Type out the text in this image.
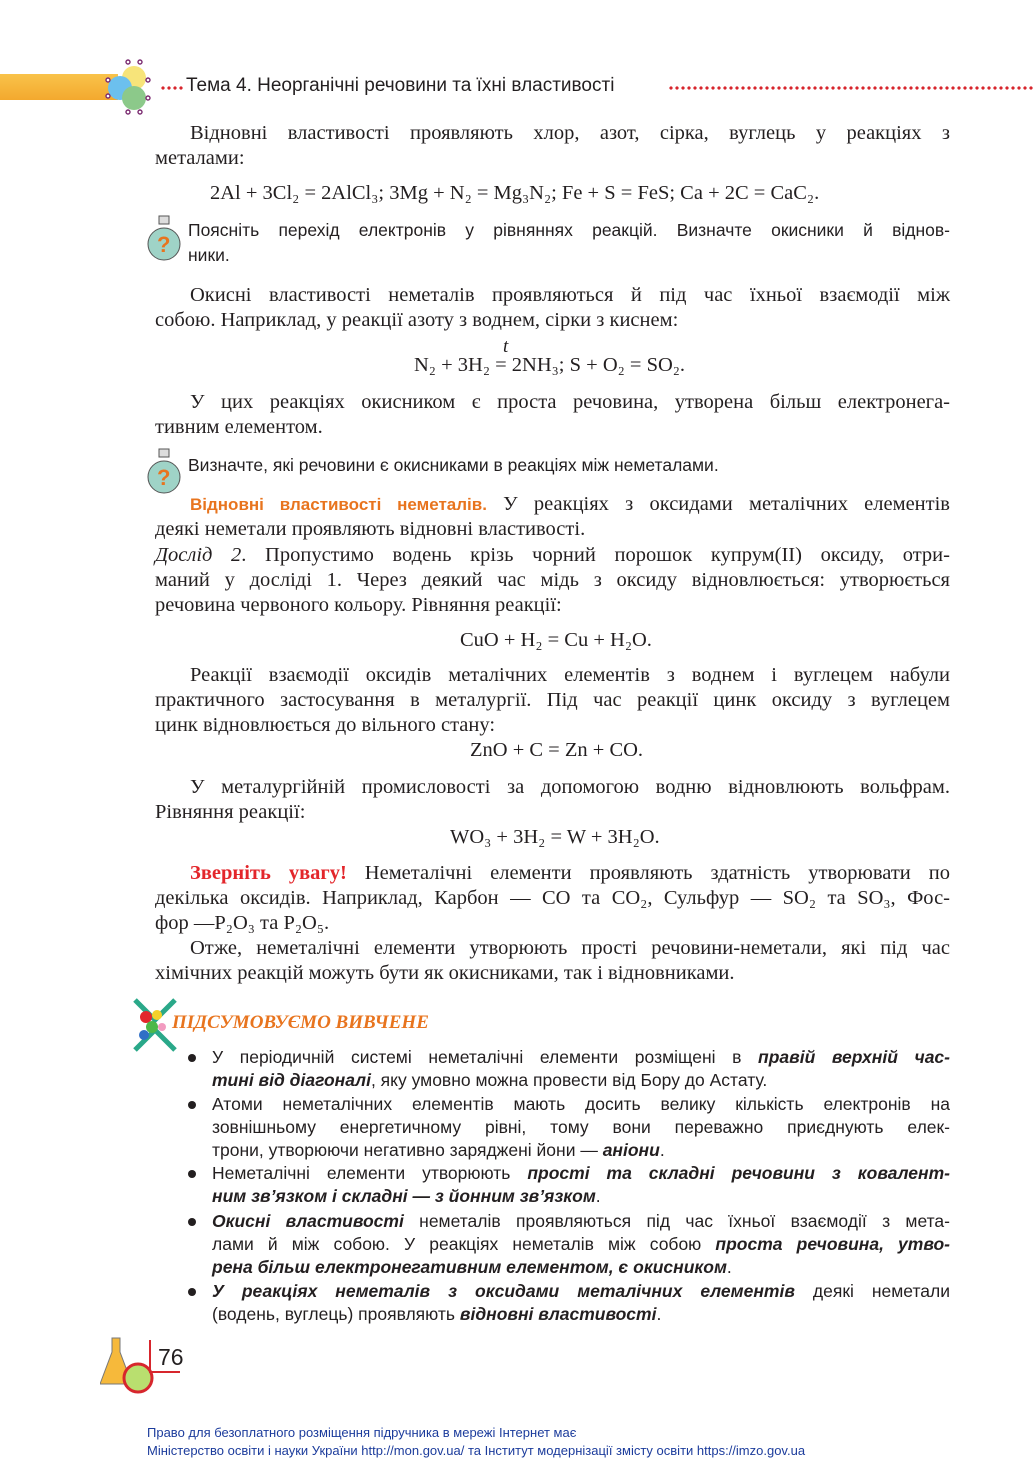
Тема 4. Неорганічні речовини та їхні властивості
?
?
t
Відновні властивості проявляють хлор, азот, сірка, вуглець у реакціях з
металами:
2Al + 3Cl₂ = 2AlCl₃; 3Mg + N₂ = Mg₃N₂; Fe + S = FeS; Ca + 2C = CaC₂.
Поясніть перехід електронів у рівняннях реакцій. Визначте окисники й віднов-
ники.
Окисні властивості неметалів проявляються й під час їхньої взаємодії між
собою. Наприклад, у реакції азоту з воднем, сірки з киснем:
N₂ + 3H₂ = 2NH₃; S + O₂ = SO₂.
У цих реакціях окисником є проста речовина, утворена більш електронега-
тивним елементом.
Визначте, які речовини є окисниками в реакціях між неметалами.
Відновні властивості неметалів. У реакціях з оксидами металічних елементів
деякі неметали проявляють відновні властивості.
Дослід 2. Пропустимо водень крізь чорний порошок купрум(ІІ) оксиду, отри-
маний у досліді 1. Через деякий час мідь з оксиду відновлюється: утворюється
речовина червоного кольору. Рівняння реакції:
CuO + H₂ = Cu + H₂O.
Реакції взаємодії оксидів металічних елементів з воднем і вуглецем набули
практичного застосування в металургії. Під час реакції цинк оксиду з вуглецем
цинк відновлюється до вільного стану:
ZnO + C = Zn + CO.
У металургійній промисловості за допомогою водню відновлюють вольфрам.
Рівняння реакції:
WO₃ + 3H₂ = W + 3H₂O.
Зверніть увагу! Неметалічні елементи проявляють здатність утворювати по
декілька оксидів. Наприклад, Карбон — CO та CO₂, Сульфур — SO₂ та SO₃, Фос-
фор —P₂O₃ та P₂O₅.
Отже, неметалічні елементи утворюють прості речовини-неметали, які під час
хімічних реакцій можуть бути як окисниками, так і відновниками.
У періодичній системі неметалічні елементи розміщені в правій верхній час-
тині від діагоналі, яку умовно можна провести від Бору до Астату.
Атоми неметалічних елементів мають досить велику кількість електронів на
зовнішньому енергетичному рівні, тому вони переважно приєднують елек-
трони, утворюючи негативно заряджені йони — аніони.
Неметалічні елементи утворюють прості та складні речовини з ковалент-
ним зв’язком і складні — з йонним зв’язком.
Окисні властивості неметалів проявляються під час їхньої взаємодії з мета-
лами й між собою. У реакціях неметалів між собою проста речовина, утво-
рена більш електронегативним елементом, є окисником.
У реакціях неметалів з оксидами металічних елементів деякі неметали
(водень, вуглець) проявляють відновні властивості.
ПІДСУМОВУЄМО ВИВЧЕНЕ
76
Право для безоплатного розміщення підручника в мережі Інтернет має
Міністерство освіти і науки України http://mon.gov.ua/ та Інститут модернізації змісту освіти https://imzo.gov.ua
